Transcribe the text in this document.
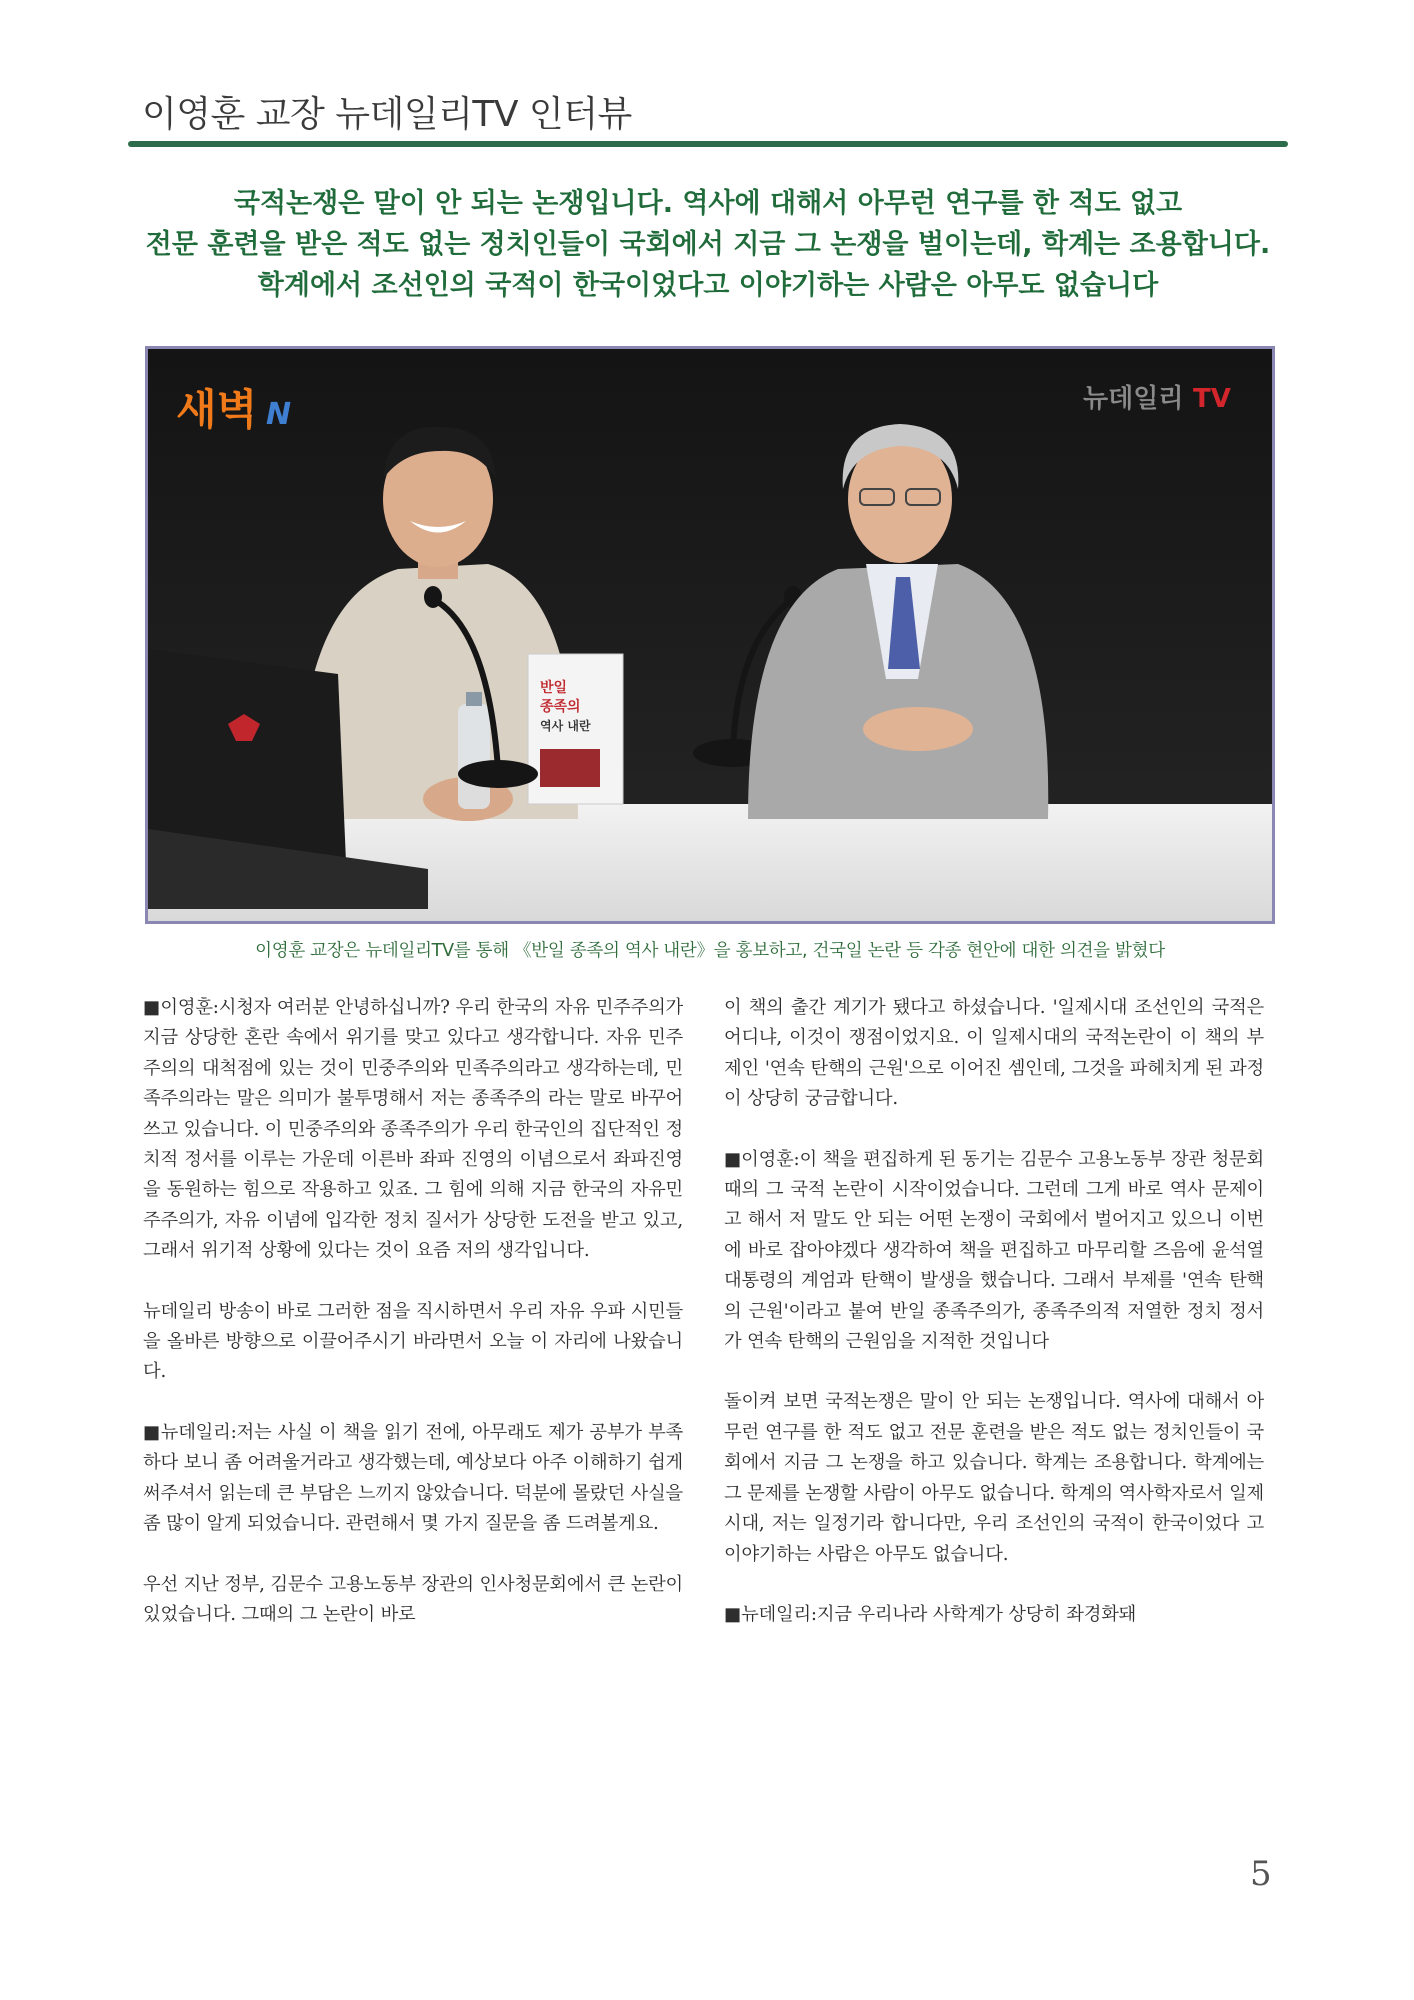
이영훈 교장 뉴데일리TV 인터뷰
국적논쟁은 말이 안 되는 논쟁입니다. 역사에 대해서 아무런 연구를 한 적도 없고
전문 훈련을 받은 적도 없는 정치인들이 국회에서 지금 그 논쟁을 벌이는데, 학계는 조용합니다.
학계에서 조선인의 국적이 한국이었다고 이야기하는 사람은 아무도 없습니다
새벽 N	뉴데일리 TV
반일
종족의
역사 내란
이영훈 교장은 뉴데일리TV를 통해 《반일 종족의 역사 내란》을 홍보하고, 건국일 논란 등 각종 현안에 대한 의견을 밝혔다

■이영훈:시청자 여러분 안녕하십니까? 우리 한국의 자유 민주주의가 지금 상당한 혼란 속에서 위기를 맞고 있다고 생각합니다. 자유 민주주의의 대척점에 있는 것이 민중주의와 민족주의라고 생각하는데, 민족주의라는 말은 의미가 불투명해서 저는 종족주의 라는 말로 바꾸어 쓰고 있습니다. 이 민중주의와 종족주의가 우리 한국인의 집단적인 정치적 정서를 이루는 가운데 이른바 좌파 진영의 이념으로서 좌파진영을 동원하는 힘으로 작용하고 있죠. 그 힘에 의해 지금 한국의 자유민주주의가, 자유 이념에 입각한 정치 질서가 상당한 도전을 받고 있고, 그래서 위기적 상황에 있다는 것이 요즘 저의 생각입니다.

뉴데일리 방송이 바로 그러한 점을 직시하면서 우리 자유 우파 시민들을 올바른 방향으로 이끌어주시기 바라면서 오늘 이 자리에 나왔습니다.

■뉴데일리:저는 사실 이 책을 읽기 전에, 아무래도 제가 공부가 부족하다 보니 좀 어려울거라고 생각했는데, 예상보다 아주 이해하기 쉽게 써주셔서 읽는데 큰 부담은 느끼지 않았습니다. 덕분에 몰랐던 사실을 좀 많이 알게 되었습니다. 관련해서 몇 가지 질문을 좀 드려볼게요.

우선 지난 정부, 김문수 고용노동부 장관의 인사청문회에서 큰 논란이 있었습니다. 그때의 그 논란이 바로

이 책의 출간 계기가 됐다고 하셨습니다. '일제시대 조선인의 국적은 어디냐, 이것이 쟁점이었지요. 이 일제시대의 국적논란이 이 책의 부제인 '연속 탄핵의 근원'으로 이어진 셈인데, 그것을 파헤치게 된 과정이 상당히 궁금합니다.

■이영훈:이 책을 편집하게 된 동기는 김문수 고용노동부 장관 청문회 때의 그 국적 논란이 시작이었습니다. 그런데 그게 바로 역사 문제이고 해서 저 말도 안 되는 어떤 논쟁이 국회에서 벌어지고 있으니 이번에 바로 잡아야겠다 생각하여 책을 편집하고 마무리할 즈음에 윤석열 대통령의 계엄과 탄핵이 발생을 했습니다. 그래서 부제를 '연속 탄핵의 근원'이라고 붙여 반일 종족주의가, 종족주의적 저열한 정치 정서가 연속 탄핵의 근원임을 지적한 것입니다

돌이켜 보면 국적논쟁은 말이 안 되는 논쟁입니다. 역사에 대해서 아무런 연구를 한 적도 없고 전문 훈련을 받은 적도 없는 정치인들이 국회에서 지금 그 논쟁을 하고 있습니다. 학계는 조용합니다. 학계에는 그 문제를 논쟁할 사람이 아무도 없습니다. 학계의 역사학자로서 일제 시대, 저는 일정기라 합니다만, 우리 조선인의 국적이 한국이었다 고 이야기하는 사람은 아무도 없습니다.

■뉴데일리:지금 우리나라 사학계가 상당히 좌경화돼

5
